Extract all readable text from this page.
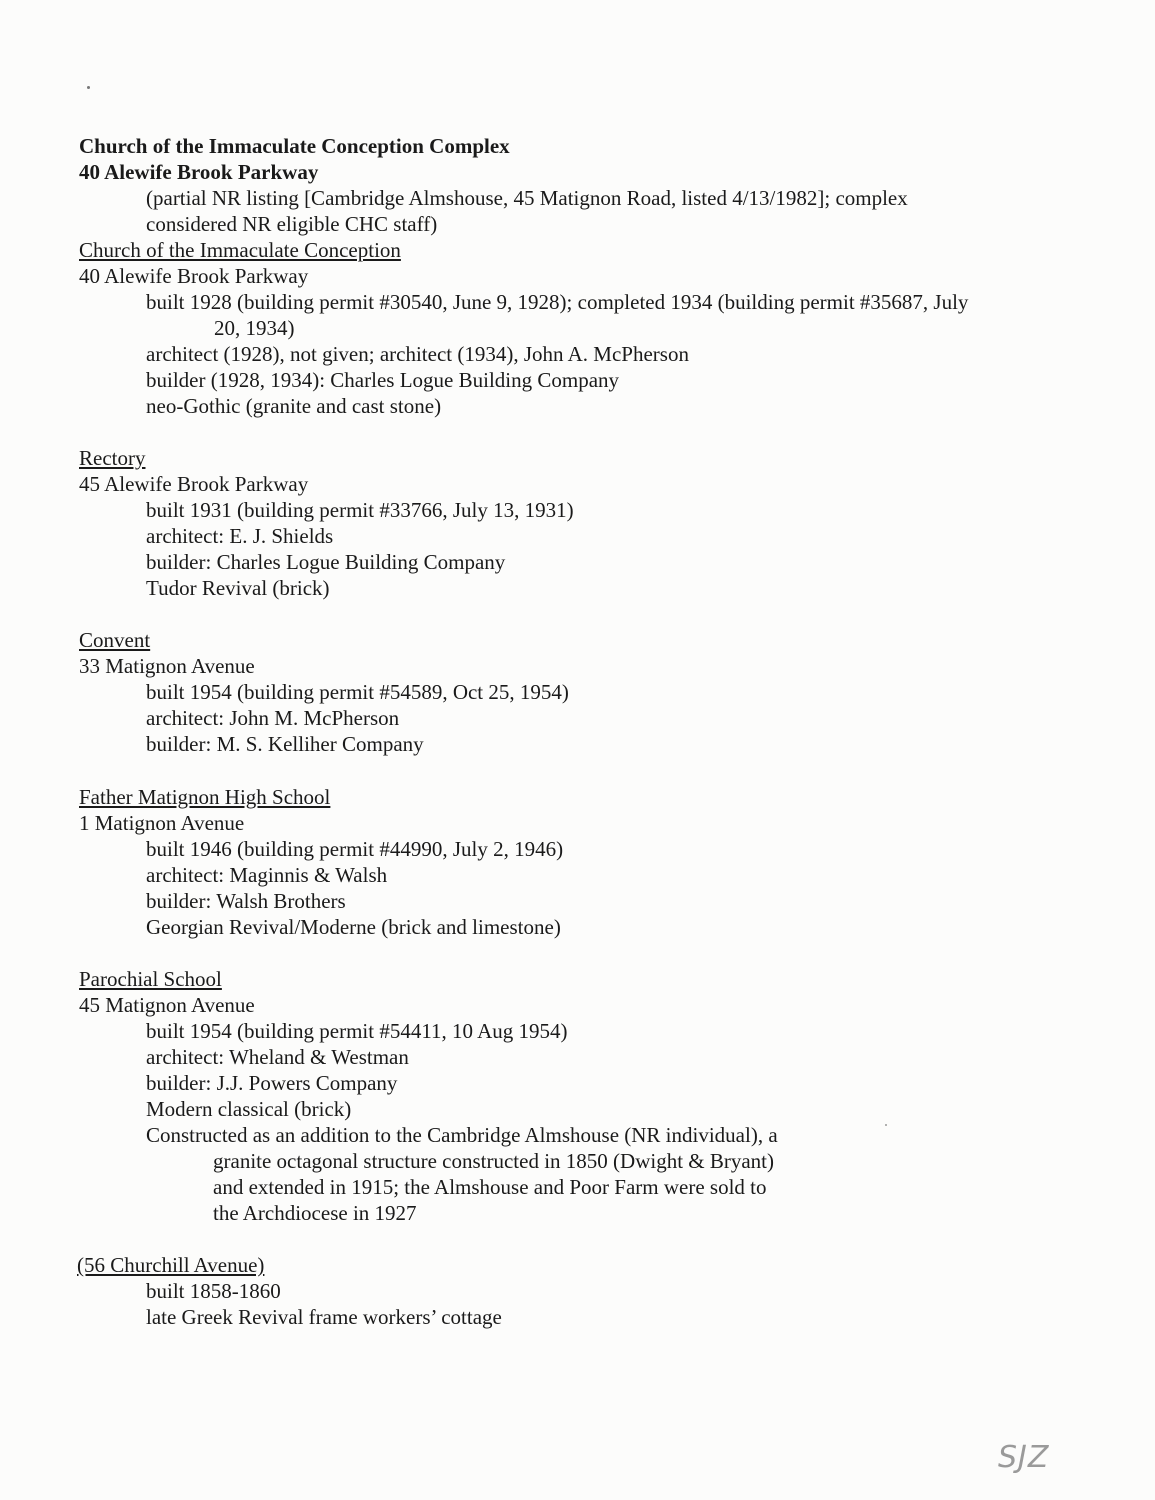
Church of the Immaculate Conception Complex
40 Alewife Brook Parkway
(partial NR listing [Cambridge Almshouse, 45 Matignon Road, listed 4/13/1982]; complex
considered NR eligible CHC staff)
Church of the Immaculate Conception
40 Alewife Brook Parkway
built 1928 (building permit #30540, June 9, 1928); completed 1934 (building permit #35687, July
20, 1934)
architect (1928), not given; architect (1934), John A. McPherson
builder (1928, 1934): Charles Logue Building Company
neo-Gothic (granite and cast stone)
Rectory
45 Alewife Brook Parkway
built 1931 (building permit #33766, July 13, 1931)
architect: E. J. Shields
builder: Charles Logue Building Company
Tudor Revival (brick)
Convent
33 Matignon Avenue
built 1954 (building permit #54589, Oct 25, 1954)
architect: John M. McPherson
builder: M. S. Kelliher Company
Father Matignon High School
1 Matignon Avenue
built 1946 (building permit #44990, July 2, 1946)
architect: Maginnis & Walsh
builder: Walsh Brothers
Georgian Revival/Moderne (brick and limestone)
Parochial School
45 Matignon Avenue
built 1954 (building permit #54411, 10 Aug 1954)
architect: Wheland & Westman
builder: J.J. Powers Company
Modern classical (brick)
Constructed as an addition to the Cambridge Almshouse (NR individual), a
granite octagonal structure constructed in 1850 (Dwight & Bryant)
and extended in 1915; the Almshouse and Poor Farm were sold to
the Archdiocese in 1927
(56 Churchill Avenue)
built 1858-1860
late Greek Revival frame workers’ cottage
SJZ
